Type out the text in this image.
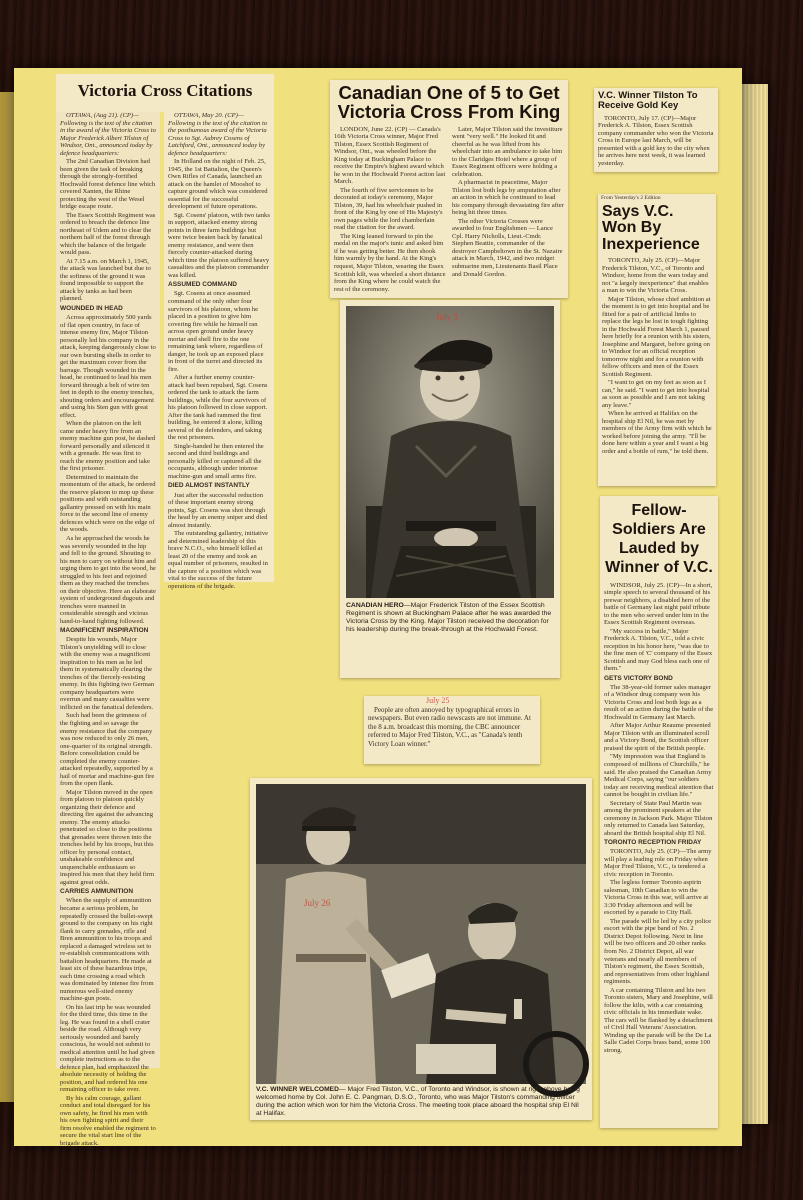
Victoria Cross Citations

OTTAWA, (Aug 21). (CP)—Following is the text of the citation in the award of the Victoria Cross to Major Frederick Albert Tilston of Windsor, Ont., announced today by defence headquarters:

The 2nd Canadian Division had been given the task of breaking through the strongly-fortified Hochwald forest defence line which covered Xanten, the Rhine protecting the west of the Wesel bridge escape route.

The Essex Scottish Regiment was ordered to breach the defence line northeast of Udem and to clear the northern half of the forest through which the balance of the brigade would pass.

At 7.15 a.m. on March 1, 1945, the attack was launched but due to the softness of the ground it was found impossible to support the attack by tanks as had been planned.

WOUNDED IN HEAD

Across approximately 500 yards of flat open country, in face of intense enemy fire, Major Tilston personally led his company in the attack, keeping dangerously close to our own bursting shells in order to get the maximum cover from the barrage. Though wounded in the head, he continued to lead his men forward through a belt of wire ten feet in depth to the enemy trenches, shouting orders and encouragement and using his Sten gun with great effect.

When the platoon on the left came under heavy fire from an enemy machine gun post, he dashed forward personally and silenced it with a grenade. He was first to reach the enemy position and take the first prisoner.

Determined to maintain the momentum of the attack, he ordered the reserve platoon to mop up these positions and with outstanding gallantry pressed on with his main force to the second line of enemy defences which were on the edge of the woods.

As he approached the woods he was severely wounded in the hip and fell to the ground. Shouting to his men to carry on without him and urging them to get into the wood, he struggled to his feet and rejoined them as they reached the trenches on their objective. Here an elaborate system of underground dugouts and trenches were manned in considerable strength and vicious hand-to-hand fighting followed.

MAGNIFICENT INSPIRATION

Despite his wounds, Major Tilston's unyielding will to close with the enemy was a magnificent inspiration to his men as he led them in systematically clearing the trenches of the fiercely-resisting enemy. In this fighting two German company headquarters were overrun and many casualties were inflicted on the fanatical defenders.

Such had been the grimness of the fighting and so savage the enemy resistance that the company was now reduced to only 26 men, one-quarter of its original strength. Before consolidation could be completed the enemy counter-attacked repeatedly, supported by a hail of mortar and machine-gun fire from the open flank.

Major Tilston moved in the open from platoon to platoon quickly organizing their defence and directing fire against the advancing enemy. The enemy attacks penetrated so close to the positions that grenades were thrown into the trenches held by his troops, but this officer by personal contact, unshakeable confidence and unquenchable enthusiasm so inspired his men that they held firm against great odds.

CARRIES AMMUNITION

When the supply of ammunition became a serious problem, he repeatedly crossed the bullet-swept ground to the company on his right flank to carry grenades, rifle and Bren ammunition to his troops and replaced a damaged wireless set to re-establish communications with battalion headquarters. He made at least six of these hazardous trips, each time crossing a road which was dominated by intense fire from numerous well-sited enemy machine-gun posts.

On his last trip he was wounded for the third time, this time in the leg. He was found in a shell crater beside the road. Although very seriously wounded and barely conscious, he would not submit to medical attention until he had given complete instructions as to the defence plan, had emphasized the absolute necessity of holding the position, and had ordered his one remaining officer to take over.

By his calm courage, gallant conduct and total disregard for his own safety, he fired his men with his own fighting spirit and their firm resolve enabled the regiment to secure the vital start line of the brigade attack.

OTTAWA, May 20. (CP)—Following is the text of the citation to the posthumous award of the Victoria Cross to Sgt. Aubrey Cosens of Latchford, Ont., announced today by defence headquarters:

In Holland on the night of Feb. 25, 1945, the 1st Battalion, the Queen's Own Rifles of Canada, launched an attack on the hamlet of Mooshof to capture ground which was considered essential for the successful development of future operations.

Sgt. Cosens' platoon, with two tanks in support, attacked enemy strong points in three farm buildings but were twice beaten back by fanatical enemy resistance, and were then fiercely counter-attacked during which time the platoon suffered heavy casualties and the platoon commander was killed.

ASSUMED COMMAND

Sgt. Cosens at once assumed command of the only other four survivors of his platoon, whom he placed in a position to give him covering fire while he himself ran across open ground under heavy mortar and shell fire to the one remaining tank where, regardless of danger, he took up an exposed place in front of the turret and directed its fire.

After a further enemy counter-attack had been repulsed, Sgt. Cosens ordered the tank to attack the farm buildings, while the four survivors of his platoon followed in close support. After the tank had rammed the first building, he entered it alone, killing several of the defenders, and taking the rest prisoners.

Single-handed he then entered the second and third buildings and personally killed or captured all the occupants, although under intense machine-gun and small arms fire.

DIED ALMOST INSTANTLY

Just after the successful reduction of these important enemy strong points, Sgt. Cosens was shot through the head by an enemy sniper and died almost instantly.

The outstanding gallantry, initiative and determined leadership of this brave N.C.O., who himself killed at least 20 of the enemy and took an equal number of prisoners, resulted in the capture of a position which was vital to the success of the future operations of the brigade.

Canadian One of 5 to Get Victoria Cross From King

LONDON, June 22. (CP) — Canada's 16th Victoria Cross winner, Major Fred Tilston, Essex Scottish Regiment of Windsor, Ont., was wheeled before the King today at Buckingham Palace to receive the Empire's highest award which he won in the Hochwald Forest action last March.

The fourth of five servicemen to be decorated at today's ceremony, Major Tilston, 39, had his wheelchair pushed in front of the King by one of His Majesty's own pages while the lord chamberlain read the citation for the award.

The King leaned forward to pin the medal on the major's tunic and asked him if he was getting better. He then shook him warmly by the hand. At the King's request, Major Tilston, wearing the Essex Scottish kilt, was wheeled a short distance from the King where he could watch the rest of the ceremony.

Later, Major Tilston said the investiture went "very well." He looked fit and cheerful as he was lifted from his wheelchair into an ambulance to take him to the Claridges Hotel where a group of Essex Regiment officers were holding a celebration.

A pharmacist in peacetime, Major Tilston lost both legs by amputation after an action in which he continued to lead his company through devastating fire after being hit three times.

The other Victoria Crosses were awarded to four Englishmen — Lance Cpl. Harry Nicholls, Lieut.-Cmdr. Stephen Beattie, commander of the destroyer Campbeltown in the St. Nazaire attack in March, 1942, and two midget submarine men, Lieutenants Basil Place and Donald Gordon.

July 3
CANADIAN HERO—Major Frederick Tilston of the Essex Scottish Regiment is shown at Buckingham Palace after he was awarded the Victoria Cross by the King. Major Tilston received the decoration for his leadership during the break-through at the Hochwald Forest.
July 25

People are often annoyed by typographical errors in newspapers. But even radio newscasts are not immune. At the 8 a.m. broadcast this morning, the CBC announcer referred to Major Fred Tilston, V.C., as "Canada's tenth Victory Loan winner."

July 26
V.C. WINNER WELCOMED— Major Fred Tilston, V.C., of Toronto and Windsor, is shown at right above being welcomed home by Col. John E. C. Pangman, D.S.O., Toronto, who was Major Tilston's commanding officer during the action which won for him the Victoria Cross. The meeting took place aboard the hospital ship El Nil at Halifax.
V.C. Winner Tilston To Receive Gold Key

TORONTO, July 17. (CP)—Major Frederick A. Tilston, Essex Scottish company commander who won the Victoria Cross in Europe last March, will be presented with a gold key to the city when he arrives here next week, it was learned yesterday.

From Yesterday's 2 Edition
Says V.C. Won By Inexperience

TORONTO, July 25. (CP)—Major Frederick Tilston, V.C., of Toronto and Windsor, home from the wars today and not "a largely inexperience" that enables a man to win the Victoria Cross.

Major Tilston, whose chief ambition at the moment is to get into hospital and be fitted for a pair of artificial limbs to replace the legs he lost in tough fighting in the Hochwald Forest March 1, paused here briefly for a reunion with his sisters, Josephine and Margaret, before going on to Windsor for an official reception tomorrow night and for a reunion with fellow officers and men of the Essex Scottish Regiment.

"I want to get on my feet as soon as I can," he said. "I want to get into hospital as soon as possible and I am not taking any leave."

When he arrived at Halifax on the hospital ship El Nil, he was met by members of the Army firm with which he worked before joining the army. "I'll be done here within a year and I want a big order and a bottle of rum," he told them.

Fellow-Soldiers Are Lauded by Winner of V.C.

WINDSOR, July 25. (CP)—In a short, simple speech to several thousand of his prewar neighbors, a disabled hero of the battle of Germany last night paid tribute to the men who served under him in the Essex Scottish Regiment overseas.

"My success in battle," Major Frederick A. Tilston, V.C., told a civic reception in his honor here, "was due to the fine men of 'C' company of the Essex Scottish and may God bless each one of them."

GETS VICTORY BOND

The 38-year-old former sales manager of a Windsor drug company won his Victoria Cross and lost both legs as a result of an action during the battle of the Hochwald in Germany last March.

After Major Arthur Reaume presented Major Tilston with an illuminated scroll and a Victory Bond, the Scottish officer praised the spirit of the British people.

"My impression was that England is composed of millions of Churchills," he said. He also praised the Canadian Army Medical Corps, saying "our soldiers today are receiving medical attention that cannot be bought in civilian life."

Secretary of State Paul Martin was among the prominent speakers at the ceremony in Jackson Park. Major Tilston only returned to Canada last Saturday, aboard the British hospital ship El Nil.

TORONTO RECEPTION FRIDAY

TORONTO, July 25. (CP)—The army will play a leading role on Friday when Major Fred Tilston, V.C., is tendered a civic reception in Toronto.

The legless former Toronto aspirin salesman, 10th Canadian to win the Victoria Cross in this war, will arrive at 3:30 Friday afternoon and will be escorted by a parade to City Hall.

The parade will be led by a city police escort with the pipe band of No. 2 District Depot following. Next in line will be two officers and 20 other ranks from No. 2 District Depot, all war veterans and nearly all members of Tilston's regiment, the Essex Scottish, and representatives from other highland regiments.

A car containing Tilston and his two Toronto sisters, Mary and Josephine, will follow the kilts, with a car containing civic officials in his immediate wake. The cars will be flanked by a detachment of Civil Hall Veterans' Association. Winding up the parade will be the De La Salle Cadet Corps brass band, some 100 strong.
